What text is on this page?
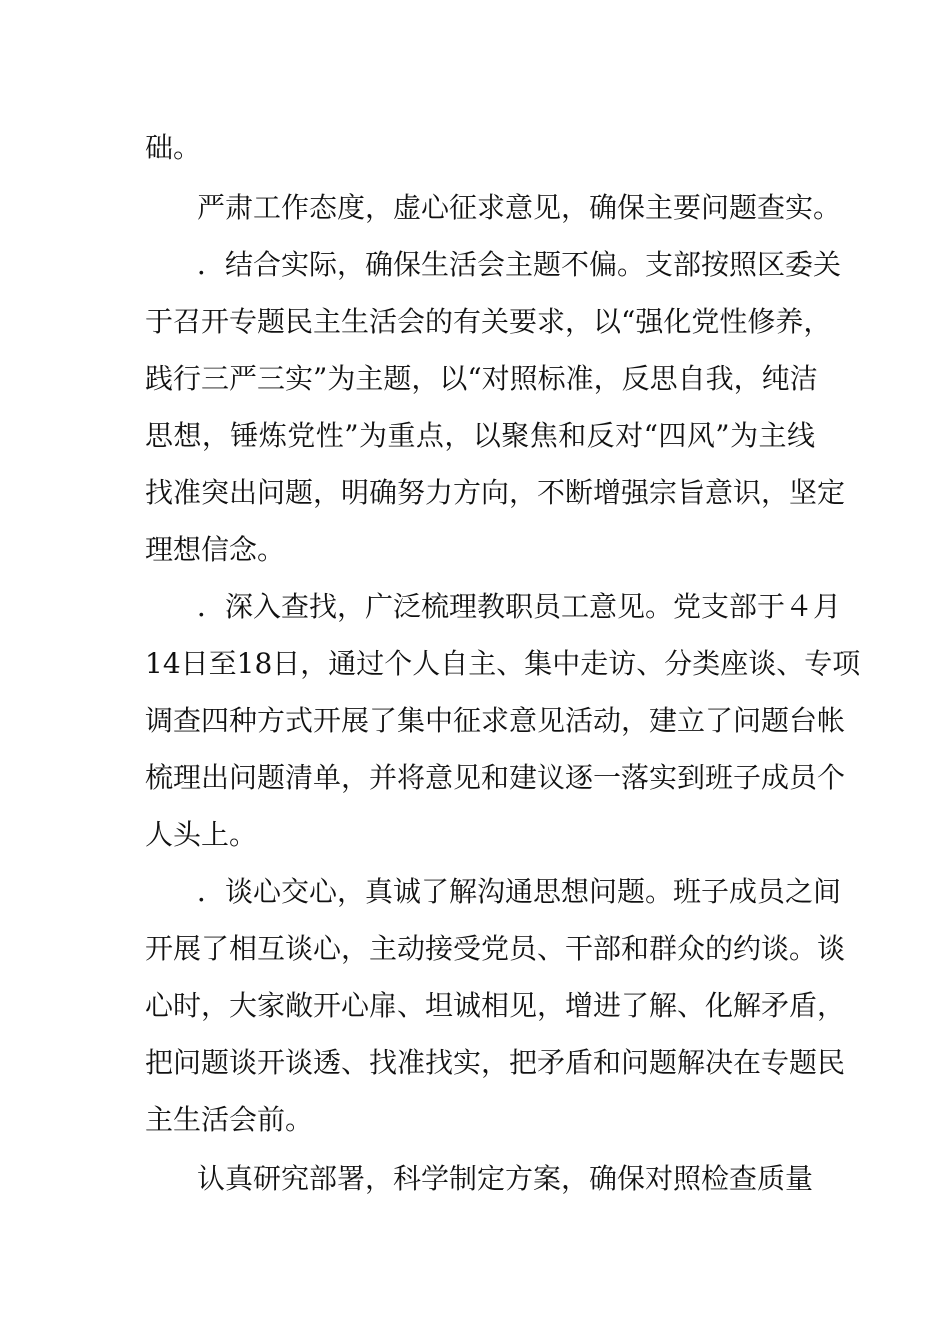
础。
严肃工作态度，虚心征求意见，确保主要问题查实。
．结合实际，确保生活会主题不偏。支部按照区委关
于召开专题民主生活会的有关要求，以“强化党性修养，
践行三严三实”为主题，以“对照标准，反思自我，纯洁
思想，锤炼党性”为重点，以聚焦和反对“四风”为主线
找准突出问题，明确努力方向，不断增强宗旨意识，坚定
理想信念。
．深入查找，广泛梳理教职员工意见。党支部于４月
14日至18日，通过个人自主、集中走访、分类座谈、专项
调查四种方式开展了集中征求意见活动，建立了问题台帐
梳理出问题清单，并将意见和建议逐一落实到班子成员个
人头上。
．谈心交心，真诚了解沟通思想问题。班子成员之间
开展了相互谈心，主动接受党员、干部和群众的约谈。谈
心时，大家敞开心扉、坦诚相见，增进了解、化解矛盾，
把问题谈开谈透、找准找实，把矛盾和问题解决在专题民
主生活会前。
认真研究部署，科学制定方案，确保对照检查质量
